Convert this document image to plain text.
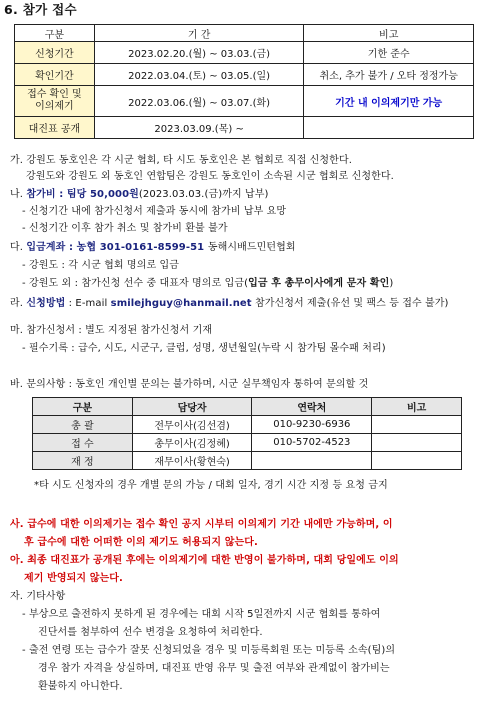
6. 참가 접수
구분	기 간	비고
신청기간	2023.02.20.(월) ~ 03.03.(금)	기한 준수
확인기간	2022.03.04.(토) ~ 03.05.(일)	취소, 추가 불가 / 오타 정정가능
접수 확인 및
이의제기	2022.03.06.(월) ~ 03.07.(화)	기간 내 이의제기만 가능
대진표 공개	2023.03.09.(목) ~	
가. 강원도 동호인은 각 시군 협회, 타 시도 동호인은 본 협회로 직접 신청한다.
강원도와 강원도 외 동호인 연합팀은 강원도 동호인이 소속된 시군 협회로 신청한다.
나. 참가비 : 팀당 50,000원(2023.03.03.(금)까지 납부)
- 신청기간 내에 참가신청서 제출과 동시에 참가비 납부 요망
- 신청기간 이후 참가 취소 및 참가비 환불 불가
다. 입금계좌 : 농협 301-0161-8599-51 동해시배드민턴협회
- 강원도 : 각 시군 협회 명의로 입금
- 강원도 외 : 참가신청 선수 중 대표자 명의로 입금(입금 후 총무이사에게 문자 확인)
라. 신청방법 : E-mail smilejhguy@hanmail.net 참가신청서 제출(유선 및 팩스 등 접수 불가)
마. 참가신청서 : 별도 지정된 참가신청서 기재
- 필수기록 : 급수, 시도, 시군구, 클럽, 성명, 생년월일(누락 시 참가팀 몰수패 처리)
바. 문의사항 : 동호인 개인별 문의는 불가하며, 시군 실무책임자 통하여 문의할 것
구분	담당자	연락처	비고
총 괄	전무이사(김선겸)	010-9230-6936	
접 수	총무이사(김정혜)	010-5702-4523	
재 정	재무이사(황현숙)		
*타 시도 신청자의 경우 개별 문의 가능 / 대회 일자, 경기 시간 지정 등 요청 금지
사. 급수에 대한 이의제기는 접수 확인 공지 시부터 이의제기 기간 내에만 가능하며, 이
후 급수에 대한 어떠한 이의 제기도 허용되지 않는다.
아. 최종 대진표가 공개된 후에는 이의제기에 대한 반영이 불가하며, 대회 당일에도 이의
제기 반영되지 않는다.
자. 기타사항
- 부상으로 출전하지 못하게 된 경우에는 대회 시작 5일전까지 시군 협회를 통하여
진단서를 첨부하여 선수 변경을 요청하여 처리한다.
- 출전 연령 또는 급수가 잘못 신청되었을 경우 및 미등록회원 또는 미등록 소속(팀)의
경우 참가 자격을 상실하며, 대진표 반영 유무 및 출전 여부와 관계없이 참가비는
환불하지 아니한다.
